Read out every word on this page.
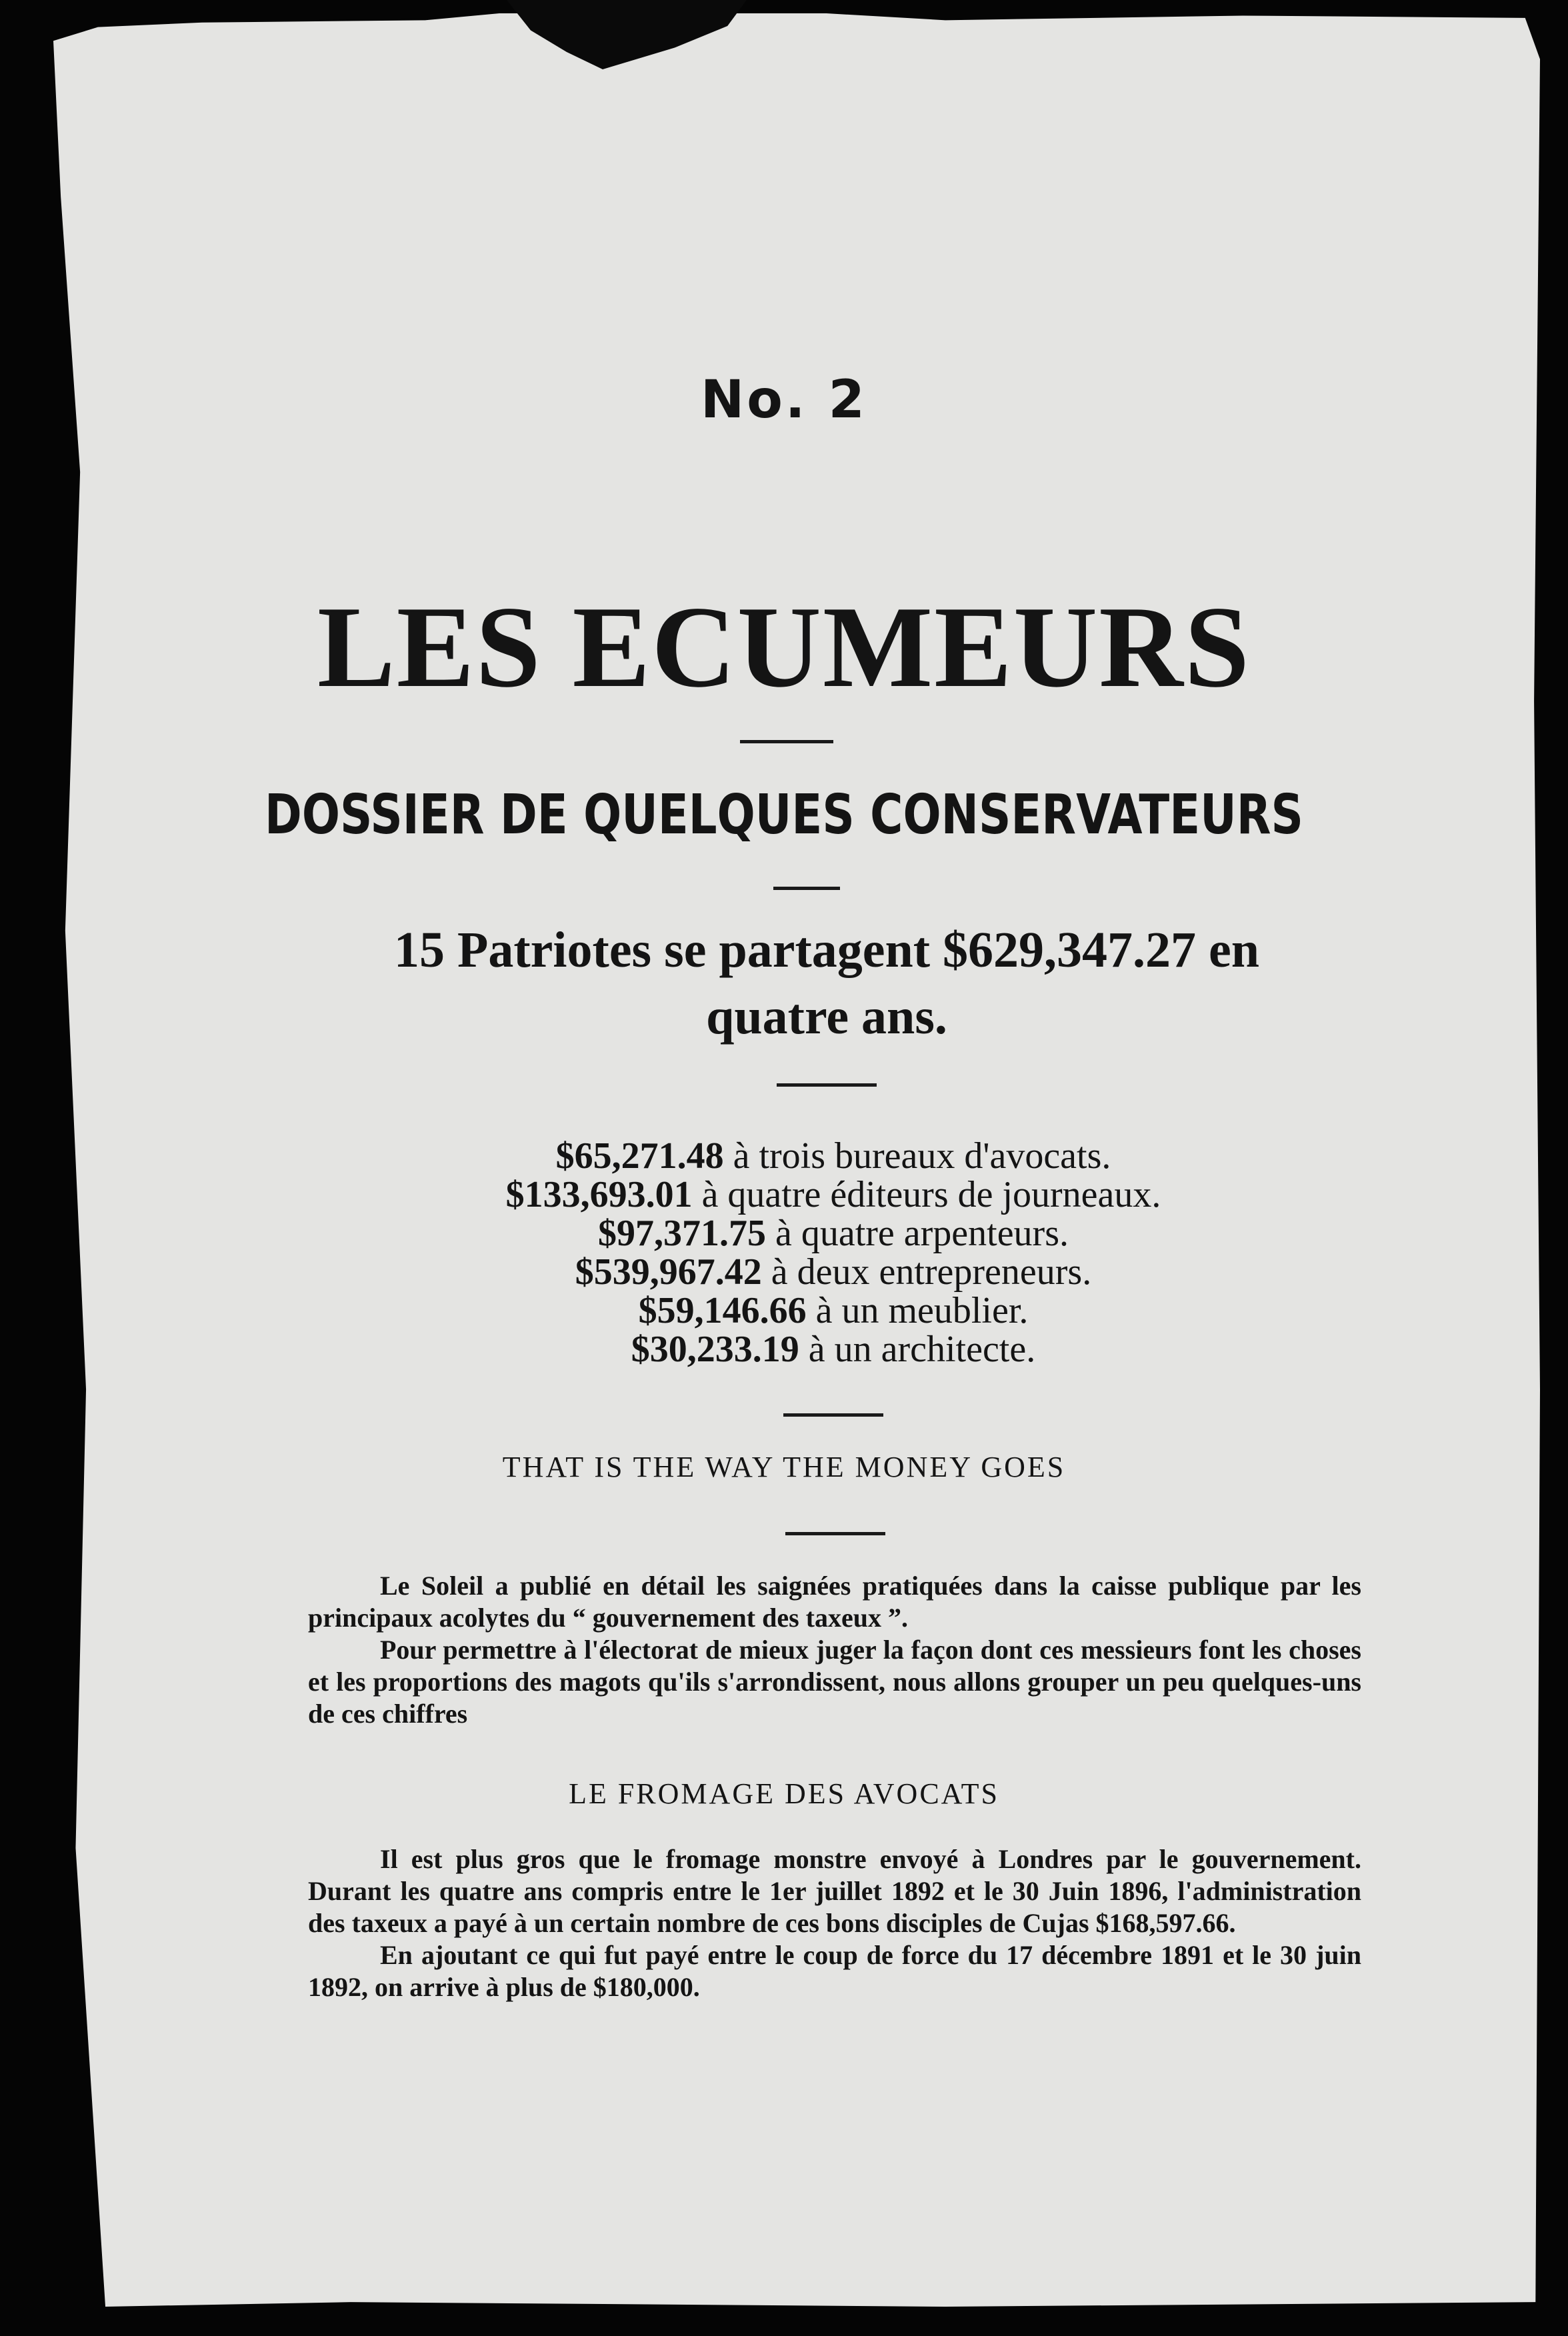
No. 2
LES ECUMEURS
DOSSIER DE QUELQUES CONSERVATEURS
15 Patriotes se partagent $629,347.27 en
quatre ans.
$65,271.48 à trois bureaux d'avocats.
$133,693.01 à quatre éditeurs de journeaux.
$97,371.75 à quatre arpenteurs.
$539,967.42 à deux entrepreneurs.
$59,146.66 à un meublier.
$30,233.19 à un architecte.
THAT IS THE WAY THE MONEY GOES

Le Soleil a publié en détail les saignées pratiquées dans la caisse publique par les principaux acolytes du “ gouvernement des taxeux ”.

Pour permettre à l'électorat de mieux juger la façon dont ces messieurs font les choses et les proportions des magots qu'ils s'arrondissent, nous allons grouper un peu quelques-uns de ces chiffres

LE FROMAGE DES AVOCATS

Il est plus gros que le fromage monstre envoyé à Londres par le gouvernement. Durant les quatre ans compris entre le 1er juillet 1892 et le 30 Juin 1896, l'administration des taxeux a payé à un certain nombre de ces bons disciples de Cujas $168,597.66.

En ajoutant ce qui fut payé entre le coup de force du 17 décembre 1891 et le 30 juin 1892, on arrive à plus de $180,000.
